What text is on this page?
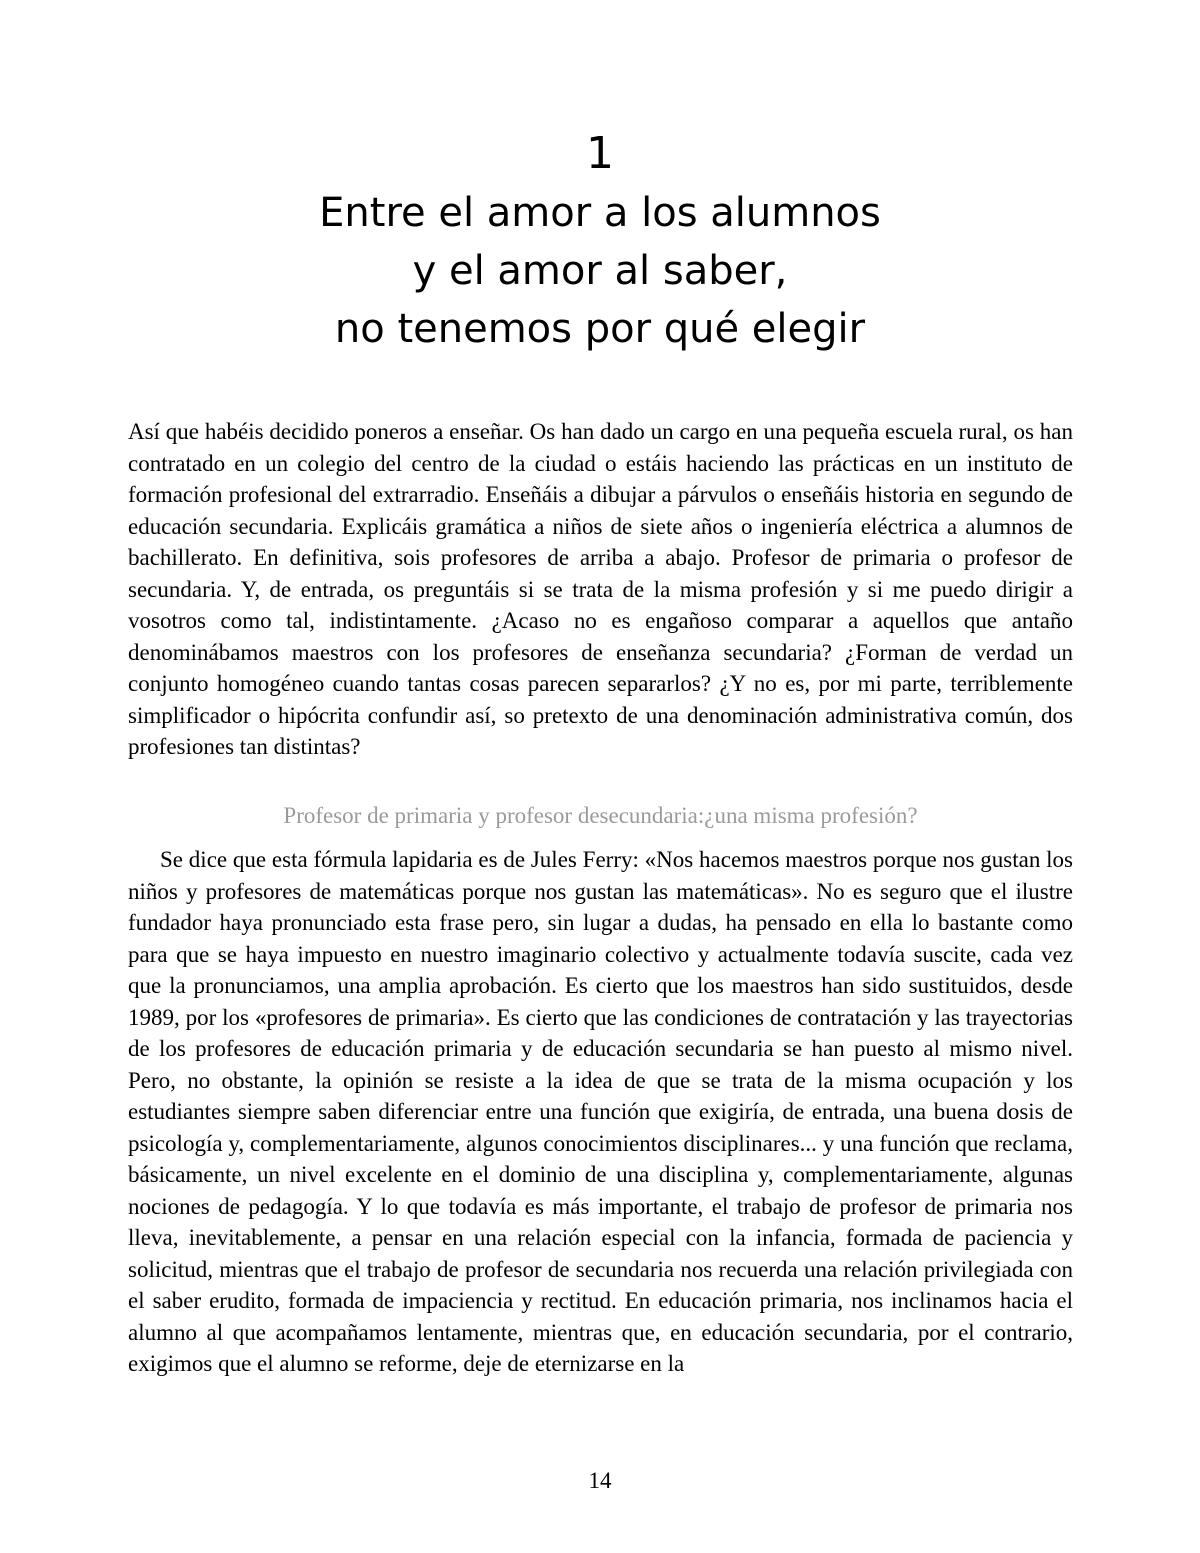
1
Entre el amor a los alumnos
y el amor al saber,
no tenemos por qué elegir

Así que habéis decidido poneros a enseñar. Os han dado un cargo en una pequeña escuela rural, os han contratado en un colegio del centro de la ciudad o estáis haciendo las prácticas en un instituto de formación profesional del extrarradio. Enseñáis a dibujar a párvulos o enseñáis historia en segundo de educación secundaria. Explicáis gramática a niños de siete años o ingeniería eléctrica a alumnos de bachillerato. En definitiva, sois profesores de arriba a abajo. Profesor de primaria o profesor de secundaria. Y, de entrada, os preguntáis si se trata de la misma profesión y si me puedo dirigir a vosotros como tal, indistintamente. ¿Acaso no es engañoso comparar a aquellos que antaño denominábamos maestros con los profesores de enseñanza secundaria? ¿Forman de verdad un conjunto homogéneo cuando tantas cosas parecen separarlos? ¿Y no es, por mi parte, terriblemente simplificador o hipócrita confundir así, so pretexto de una denominación administrativa común, dos profesiones tan distintas?

Profesor de primaria y profesor desecundaria:¿una misma profesión?

Se dice que esta fórmula lapidaria es de Jules Ferry: «Nos hacemos maestros porque nos gustan los niños y profesores de matemáticas porque nos gustan las matemáticas». No es seguro que el ilustre fundador haya pronunciado esta frase pero, sin lugar a dudas, ha pensado en ella lo bastante como para que se haya impuesto en nuestro imaginario colectivo y actualmente todavía suscite, cada vez que la pronunciamos, una amplia aprobación. Es cierto que los maestros han sido sustituidos, desde 1989, por los «profesores de primaria». Es cierto que las condiciones de contratación y las trayectorias de los profesores de educación primaria y de educación secundaria se han puesto al mismo nivel. Pero, no obstante, la opinión se resiste a la idea de que se trata de la misma ocupación y los estudiantes siempre saben diferenciar entre una función que exigiría, de entrada, una buena dosis de psicología y, complementariamente, algunos conocimientos disciplinares... y una función que reclama, básicamente, un nivel excelente en el dominio de una disciplina y, complementariamente, algunas nociones de pedagogía. Y lo que todavía es más importante, el trabajo de profesor de primaria nos lleva, inevitablemente, a pensar en una relación especial con la infancia, formada de paciencia y solicitud, mientras que el trabajo de profesor de secundaria nos recuerda una relación privilegiada con el saber erudito, formada de impaciencia y rectitud. En educación primaria, nos inclinamos hacia el alumno al que acompañamos lentamente, mientras que, en educación secundaria, por el contrario, exigimos que el alumno se reforme, deje de eternizarse en la

14
